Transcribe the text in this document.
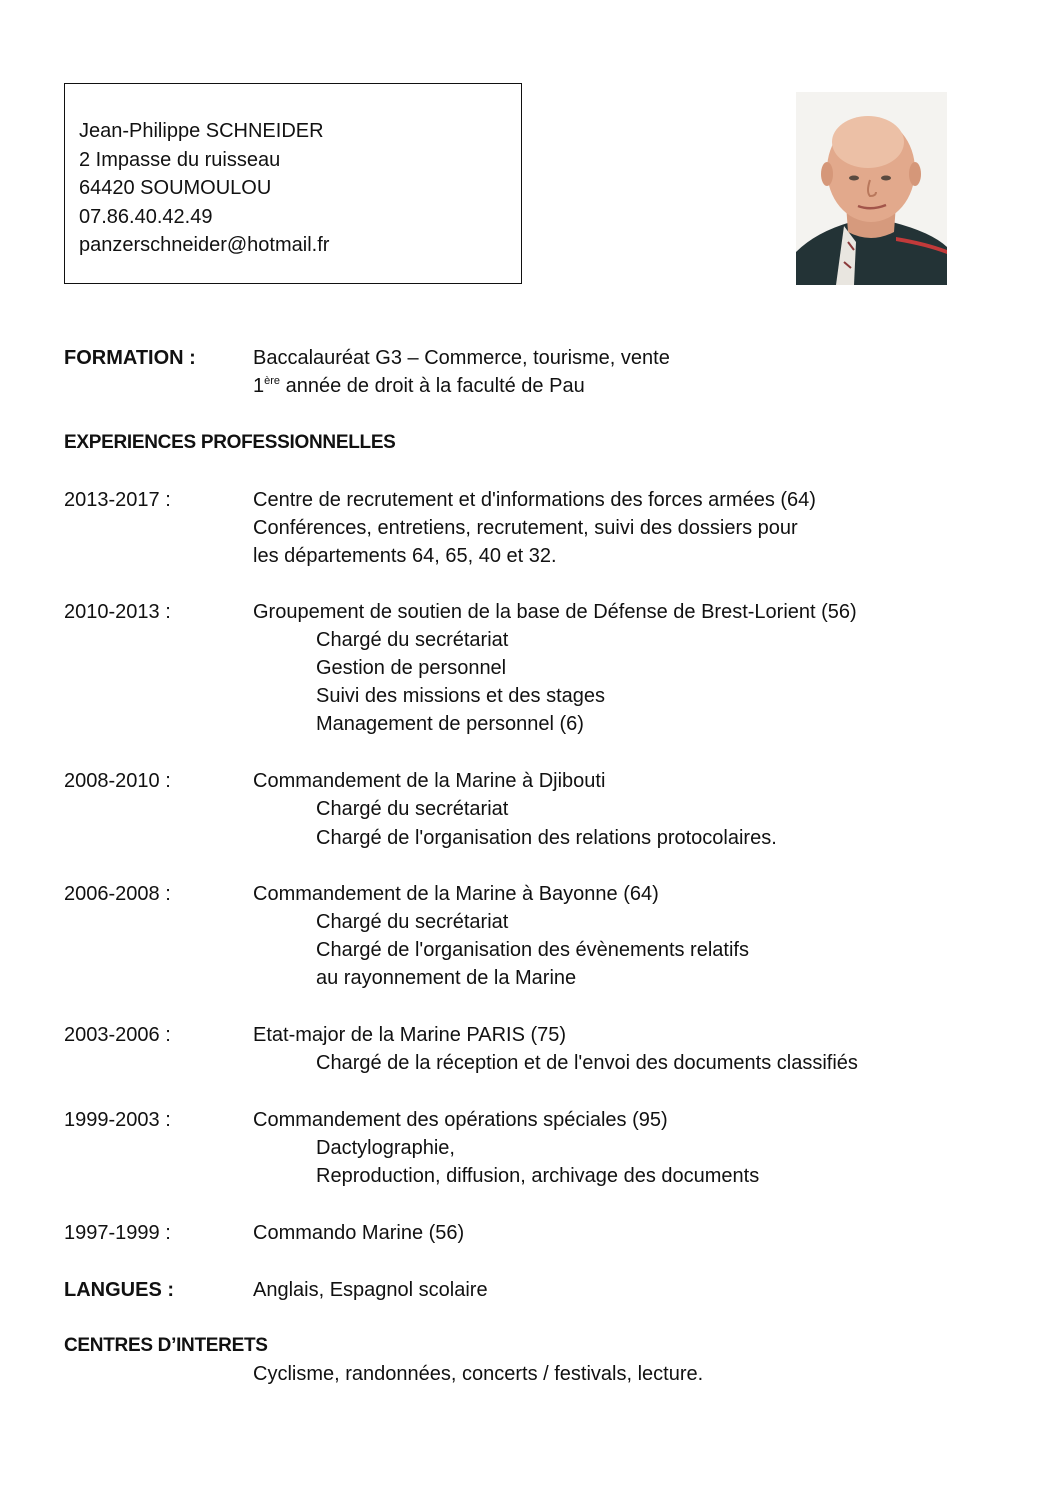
Jean-Philippe SCHNEIDER
2 Impasse du ruisseau
64420 SOUMOULOU
07.86.40.42.49
panzerschneider@hotmail.fr
FORMATION :	Baccalauréat G3 – Commerce, tourisme, vente
1ère année de droit à la faculté de Pau
EXPERIENCES PROFESSIONNELLES
2013-2017 :	Centre de recrutement et d'informations des forces armées (64)
Conférences, entretiens, recrutement, suivi des dossiers pour
les départements 64, 65, 40 et 32.
2010-2013 :	Groupement de soutien de la base de Défense de Brest-Lorient (56)
Chargé du secrétariat
Gestion de personnel
Suivi des missions et des stages
Management de personnel (6)
2008-2010 :	Commandement de la Marine à Djibouti
Chargé du secrétariat
Chargé de l'organisation des relations protocolaires.
2006-2008 :	Commandement de la Marine à Bayonne (64)
Chargé du secrétariat
Chargé de l'organisation des évènements relatifs
au rayonnement de la Marine
2003-2006 :	Etat-major de la Marine PARIS (75)
Chargé de la réception et de l'envoi des documents classifiés
1999-2003 :	Commandement des opérations spéciales (95)
Dactylographie,
Reproduction, diffusion, archivage des documents
1997-1999 :	Commando Marine (56)
LANGUES :	Anglais, Espagnol scolaire
CENTRES D’INTERETS
Cyclisme, randonnées, concerts / festivals, lecture.
